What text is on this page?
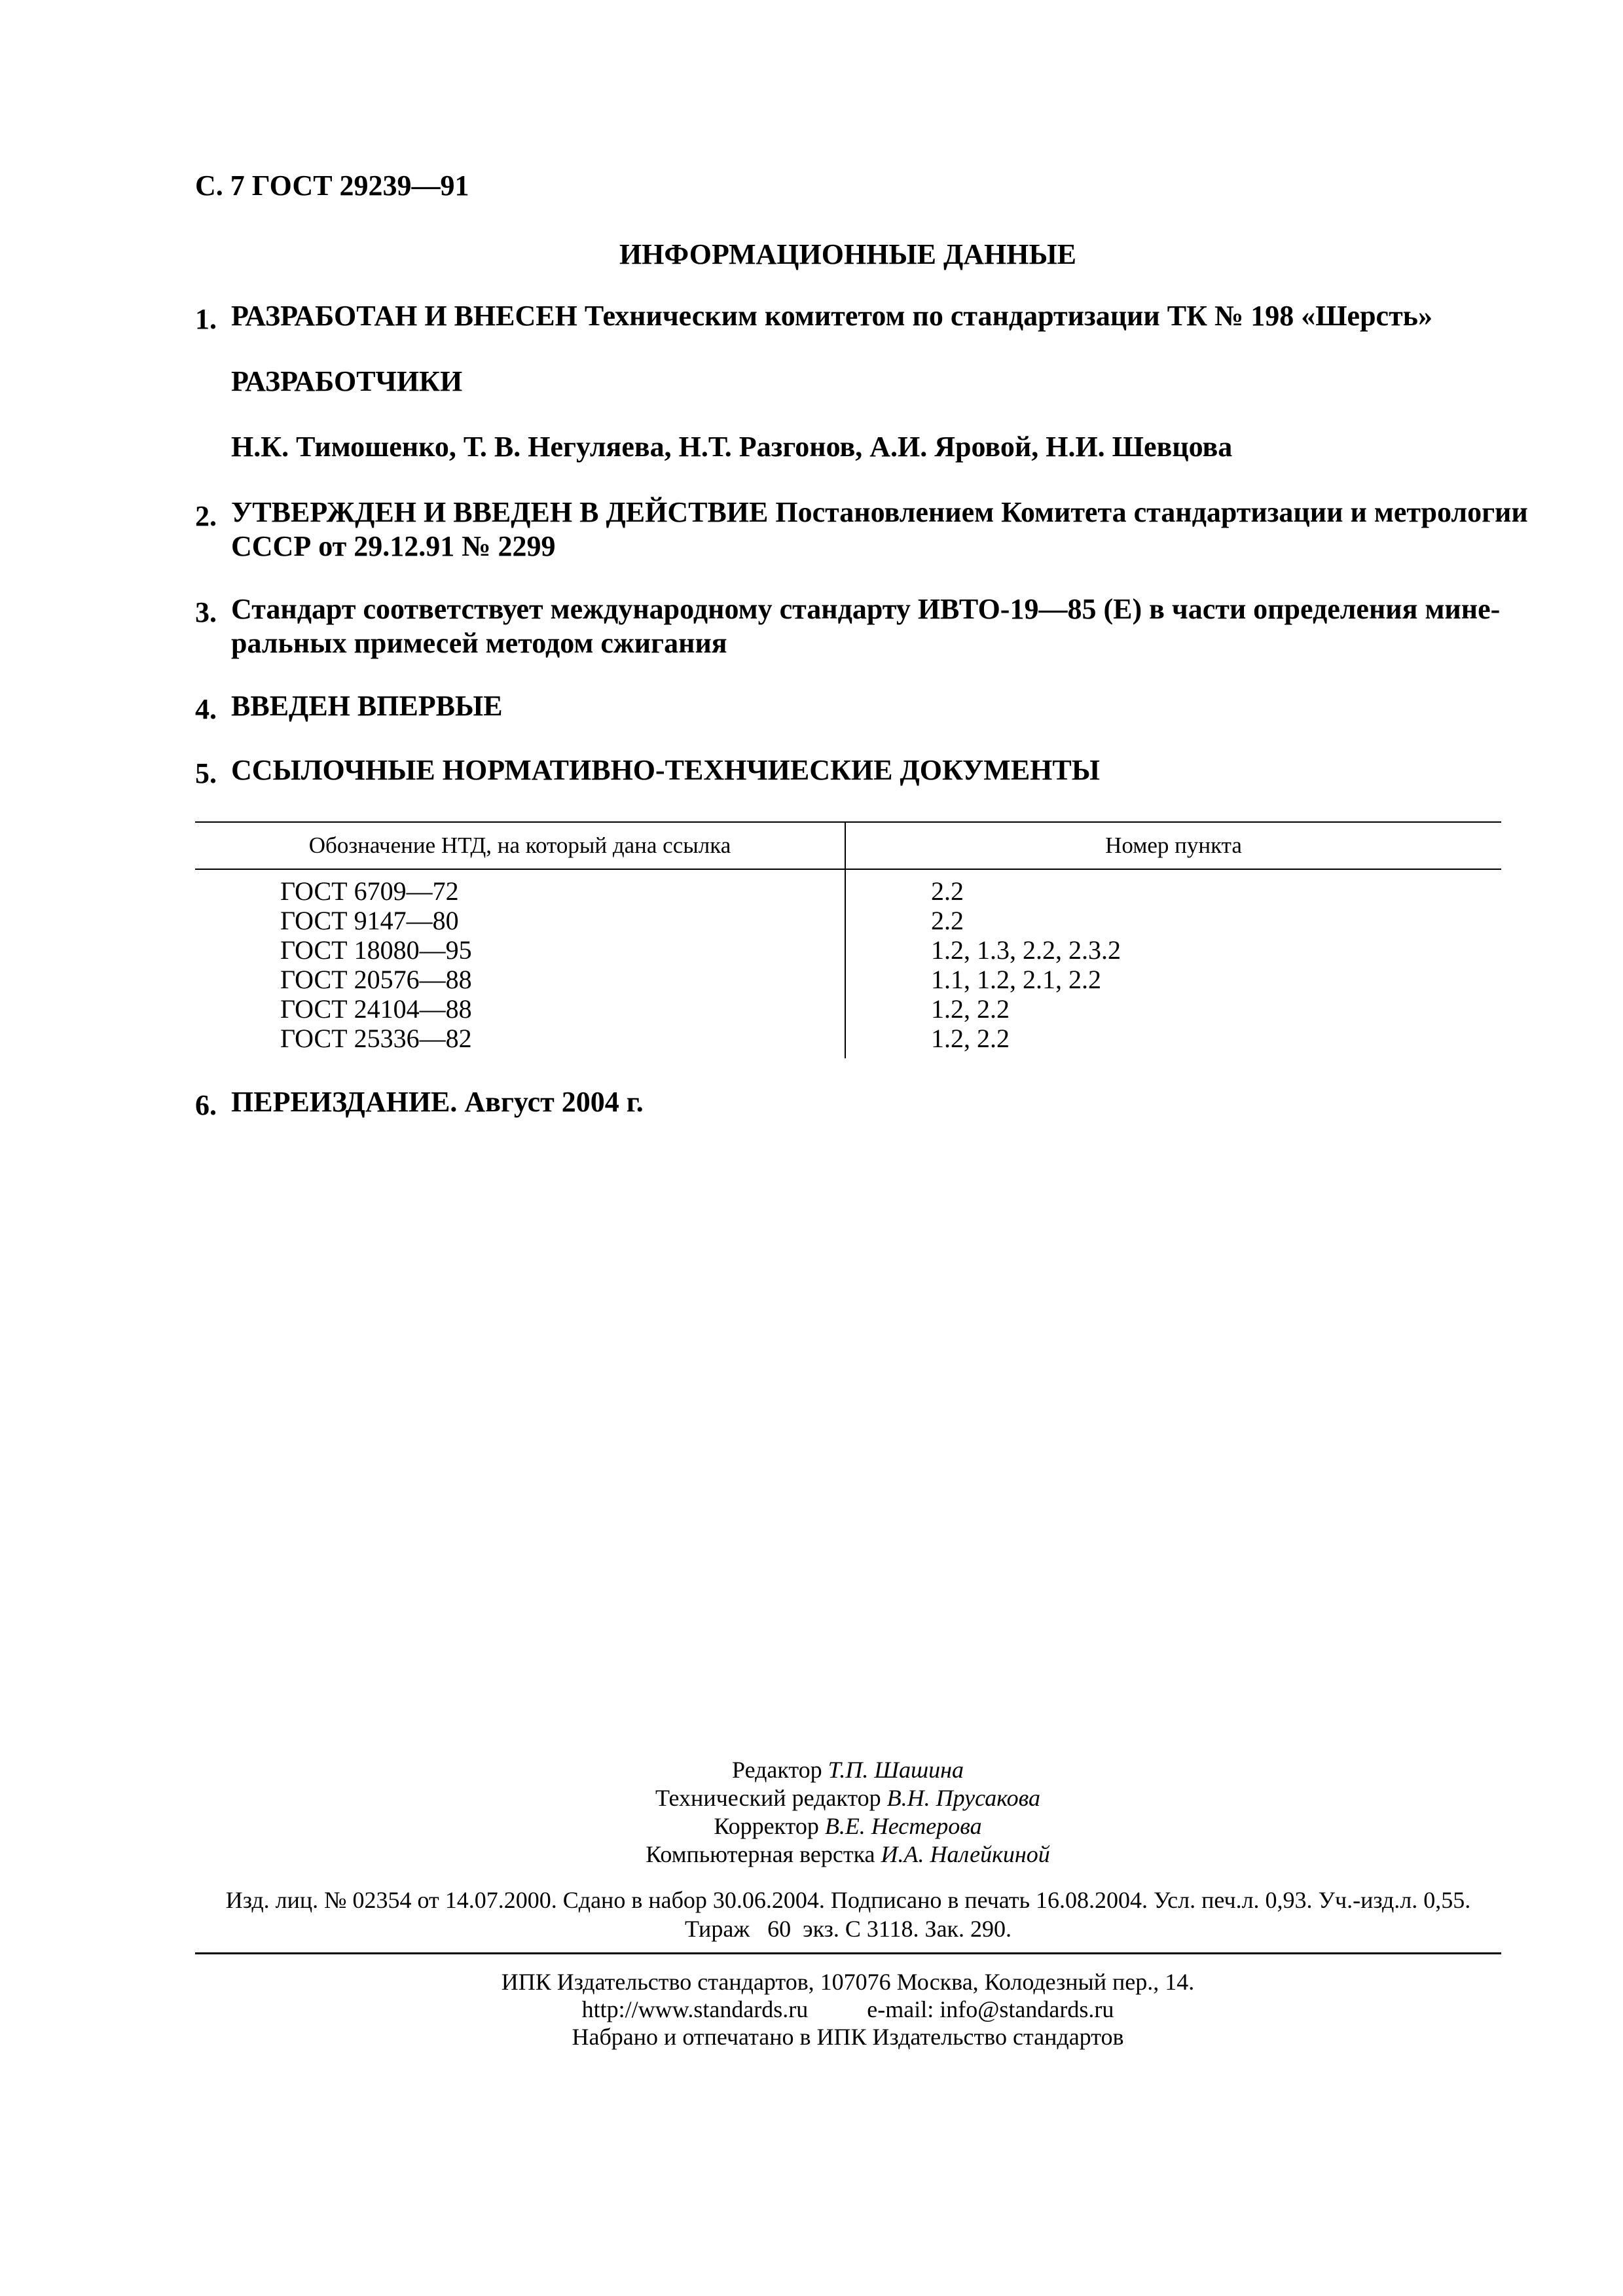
С. 7 ГОСТ 29239—91
ИНФОРМАЦИОННЫЕ ДАННЫЕ
1. РАЗРАБОТАН И ВНЕСЕН Техническим комитетом по стандартизации ТК № 198 «Шерсть»
РАЗРАБОТЧИКИ
Н.К. Тимошенко, Т. В. Негуляева, Н.Т. Разгонов, А.И. Яровой, Н.И. Шевцова
2. УТВЕРЖДЕН И ВВЕДЕН В ДЕЙСТВИЕ Постановлением Комитета стандартизации и метрологии
СССР от 29.12.91 № 2299
3. Стандарт соответствует международному стандарту ИВТО-19—85 (Е) в части определения мине-
ральных примесей методом сжигания
4. ВВЕДЕН ВПЕРВЫЕ
5. ССЫЛОЧНЫЕ НОРМАТИВНО-ТЕХНЧИЕСКИЕ ДОКУМЕНТЫ
Обозначение НТД, на который дана ссылка	Номер пункта
ГОСТ 6709—72	2.2
ГОСТ 9147—80	2.2
ГОСТ 18080—95	1.2, 1.3, 2.2, 2.3.2
ГОСТ 20576—88	1.1, 1.2, 2.1, 2.2
ГОСТ 24104—88	1.2, 2.2
ГОСТ 25336—82	1.2, 2.2
6. ПЕРЕИЗДАНИЕ. Август 2004 г.
Редактор Т.П. Шашина
Технический редактор В.Н. Прусакова
Корректор В.Е. Нестерова
Компьютерная верстка И.А. Налейкиной
Изд. лиц. № 02354 от 14.07.2000. Сдано в набор 30.06.2004. Подписано в печать 16.08.2004. Усл. печ.л. 0,93. Уч.-изд.л. 0,55.
Тираж   60  экз. С 3118. Зак. 290.
ИПК Издательство стандартов, 107076 Москва, Колодезный пер., 14.
http://www.standards.ru	e-mail: info@standards.ru
Набрано и отпечатано в ИПК Издательство стандартов
